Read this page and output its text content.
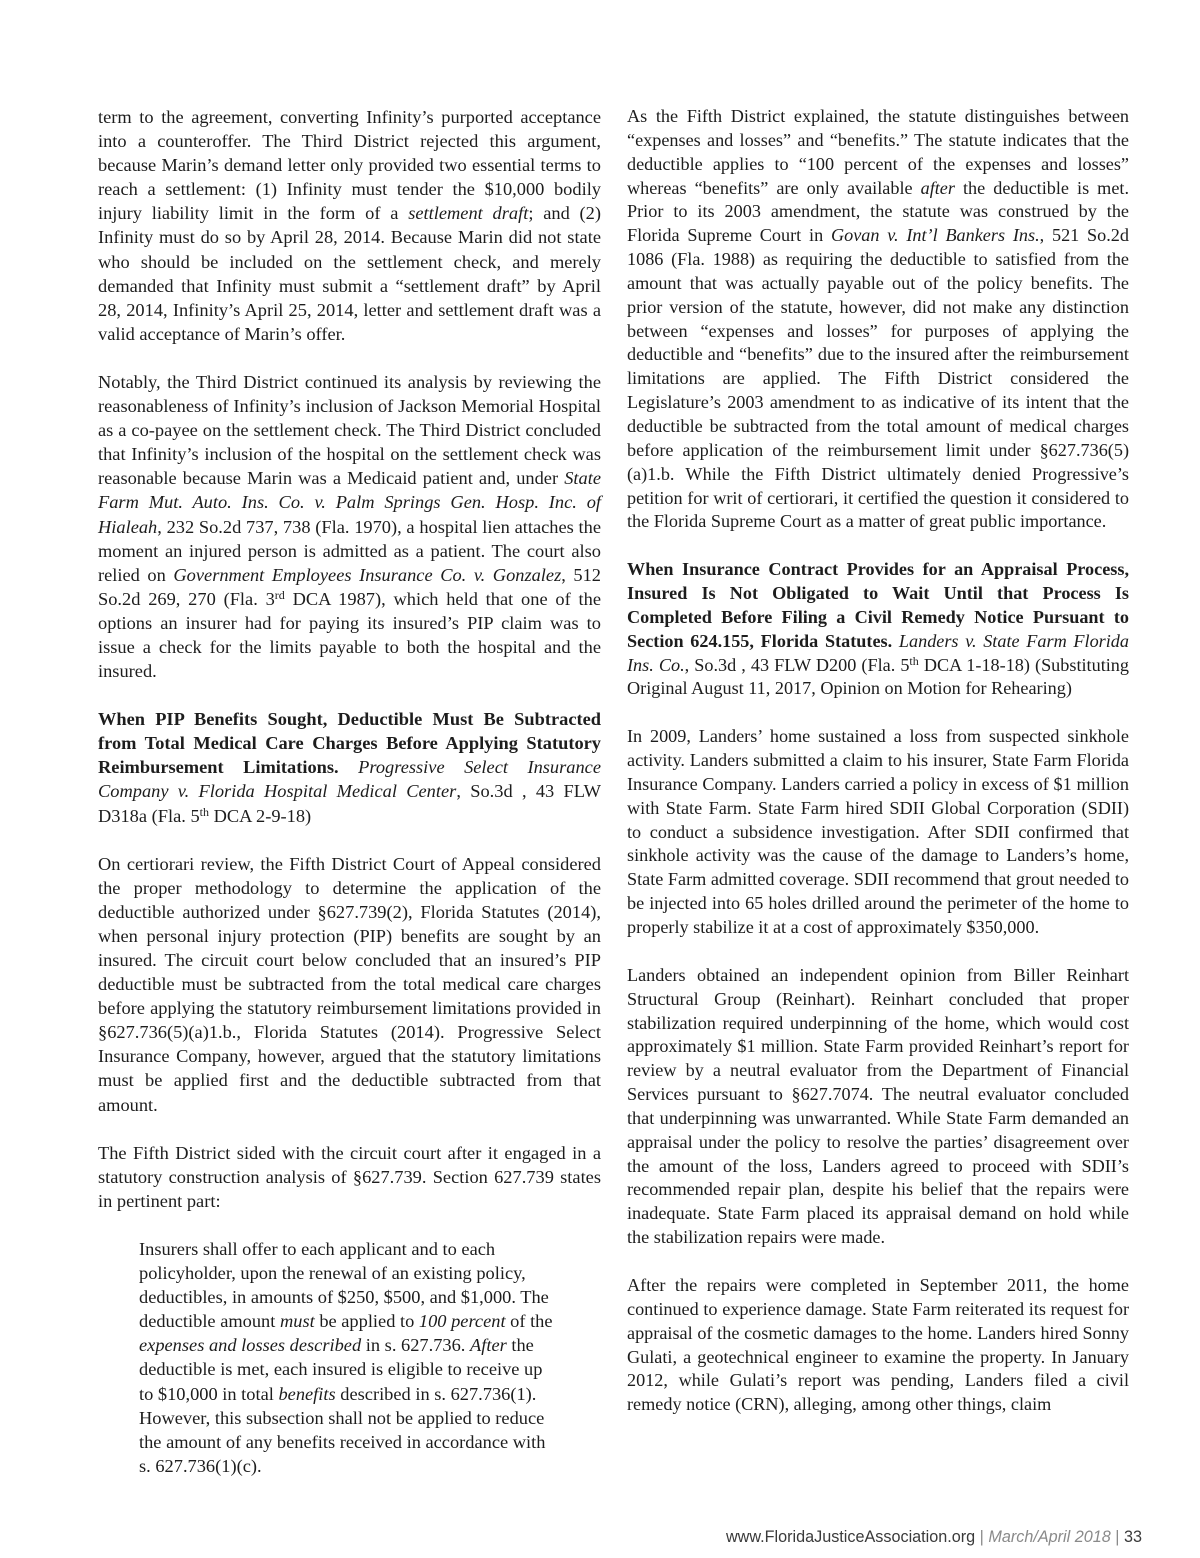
term to the agreement, converting Infinity’s purported acceptance into a counteroffer. The Third District rejected this argument, because Marin’s demand letter only provided two essential terms to reach a settlement: (1) Infinity must tender the $10,000 bodily injury liability limit in the form of a settlement draft; and (2) Infinity must do so by April 28, 2014. Because Marin did not state who should be included on the settlement check, and merely demanded that Infinity must submit a “settlement draft” by April 28, 2014, Infinity’s April 25, 2014, letter and settlement draft was a valid acceptance of Marin’s offer.

Notably, the Third District continued its analysis by reviewing the reasonableness of Infinity’s inclusion of Jackson Memorial Hospital as a co-payee on the settlement check. The Third District concluded that Infinity’s inclusion of the hospital on the settlement check was reasonable because Marin was a Medicaid patient and, under State Farm Mut. Auto. Ins. Co. v. Palm Springs Gen. Hosp. Inc. of Hialeah, 232 So.2d 737, 738 (Fla. 1970), a hospital lien attaches the moment an injured person is admitted as a patient. The court also relied on Government Employees Insurance Co. v. Gonzalez, 512 So.2d 269, 270 (Fla. 3rd DCA 1987), which held that one of the options an insurer had for paying its insured’s PIP claim was to issue a check for the limits payable to both the hospital and the insured.

When PIP Benefits Sought, Deductible Must Be Subtracted from Total Medical Care Charges Before Applying Statutory Reimbursement Limitations. Progressive Select Insurance Company v. Florida Hospital Medical Center, So.3d , 43 FLW D318a (Fla. 5th DCA 2-9-18)

On certiorari review, the Fifth District Court of Appeal considered the proper methodology to determine the application of the deductible authorized under §627.739(2), Florida Statutes (2014), when personal injury protection (PIP) benefits are sought by an insured. The circuit court below concluded that an insured’s PIP deductible must be subtracted from the total medical care charges before applying the statutory reimbursement limitations provided in §627.736(5)(a)1.b., Florida Statutes (2014). Progressive Select Insurance Company, however, argued that the statutory limitations must be applied first and the deductible subtracted from that amount.

The Fifth District sided with the circuit court after it engaged in a statutory construction analysis of §627.739. Section 627.739 states in pertinent part:

Insurers shall offer to each applicant and to each policyholder, upon the renewal of an existing policy, deductibles, in amounts of $250, $500, and $1,000. The deductible amount must be applied to 100 percent of the expenses and losses described in s. 627.736. After the deductible is met, each insured is eligible to receive up to $10,000 in total benefits described in s. 627.736(1). However, this subsection shall not be applied to reduce the amount of any benefits received in accordance with s. 627.736(1)(c).

As the Fifth District explained, the statute distinguishes between “expenses and losses” and “benefits.” The statute indicates that the deductible applies to “100 percent of the expenses and losses” whereas “benefits” are only available after the deductible is met. Prior to its 2003 amendment, the statute was construed by the Florida Supreme Court in Govan v. Int’l Bankers Ins., 521 So.2d 1086 (Fla. 1988) as requiring the deductible to satisfied from the amount that was actually payable out of the policy benefits. The prior version of the statute, however, did not make any distinction between “expenses and losses” for purposes of applying the deductible and “benefits” due to the insured after the reimbursement limitations are applied. The Fifth District considered the Legislature’s 2003 amendment to as indicative of its intent that the deductible be subtracted from the total amount of medical charges before application of the reimbursement limit under §627.736(5)(a)1.b. While the Fifth District ultimately denied Progressive’s petition for writ of certiorari, it certified the question it considered to the Florida Supreme Court as a matter of great public importance.

When Insurance Contract Provides for an Appraisal Process, Insured Is Not Obligated to Wait Until that Process Is Completed Before Filing a Civil Remedy Notice Pursuant to Section 624.155, Florida Statutes. Landers v. State Farm Florida Ins. Co., So.3d , 43 FLW D200 (Fla. 5th DCA 1-18-18) (Substituting Original August 11, 2017, Opinion on Motion for Rehearing)

In 2009, Landers’ home sustained a loss from suspected sinkhole activity. Landers submitted a claim to his insurer, State Farm Florida Insurance Company. Landers carried a policy in excess of $1 million with State Farm. State Farm hired SDII Global Corporation (SDII) to conduct a subsidence investigation. After SDII confirmed that sinkhole activity was the cause of the damage to Landers’s home, State Farm admitted coverage. SDII recommend that grout needed to be injected into 65 holes drilled around the perimeter of the home to properly stabilize it at a cost of approximately $350,000.

Landers obtained an independent opinion from Biller Reinhart Structural Group (Reinhart). Reinhart concluded that proper stabilization required underpinning of the home, which would cost approximately $1 million. State Farm provided Reinhart’s report for review by a neutral evaluator from the Department of Financial Services pursuant to §627.7074. The neutral evaluator concluded that underpinning was unwarranted. While State Farm demanded an appraisal under the policy to resolve the parties’ disagreement over the amount of the loss, Landers agreed to proceed with SDII’s recommended repair plan, despite his belief that the repairs were inadequate. State Farm placed its appraisal demand on hold while the stabilization repairs were made.

After the repairs were completed in September 2011, the home continued to experience damage. State Farm reiterated its request for appraisal of the cosmetic damages to the home. Landers hired Sonny Gulati, a geotechnical engineer to examine the property. In January 2012, while Gulati’s report was pending, Landers filed a civil remedy notice (CRN), alleging, among other things, claim

www.FloridaJusticeAssociation.org | March/April 2018 | 33
